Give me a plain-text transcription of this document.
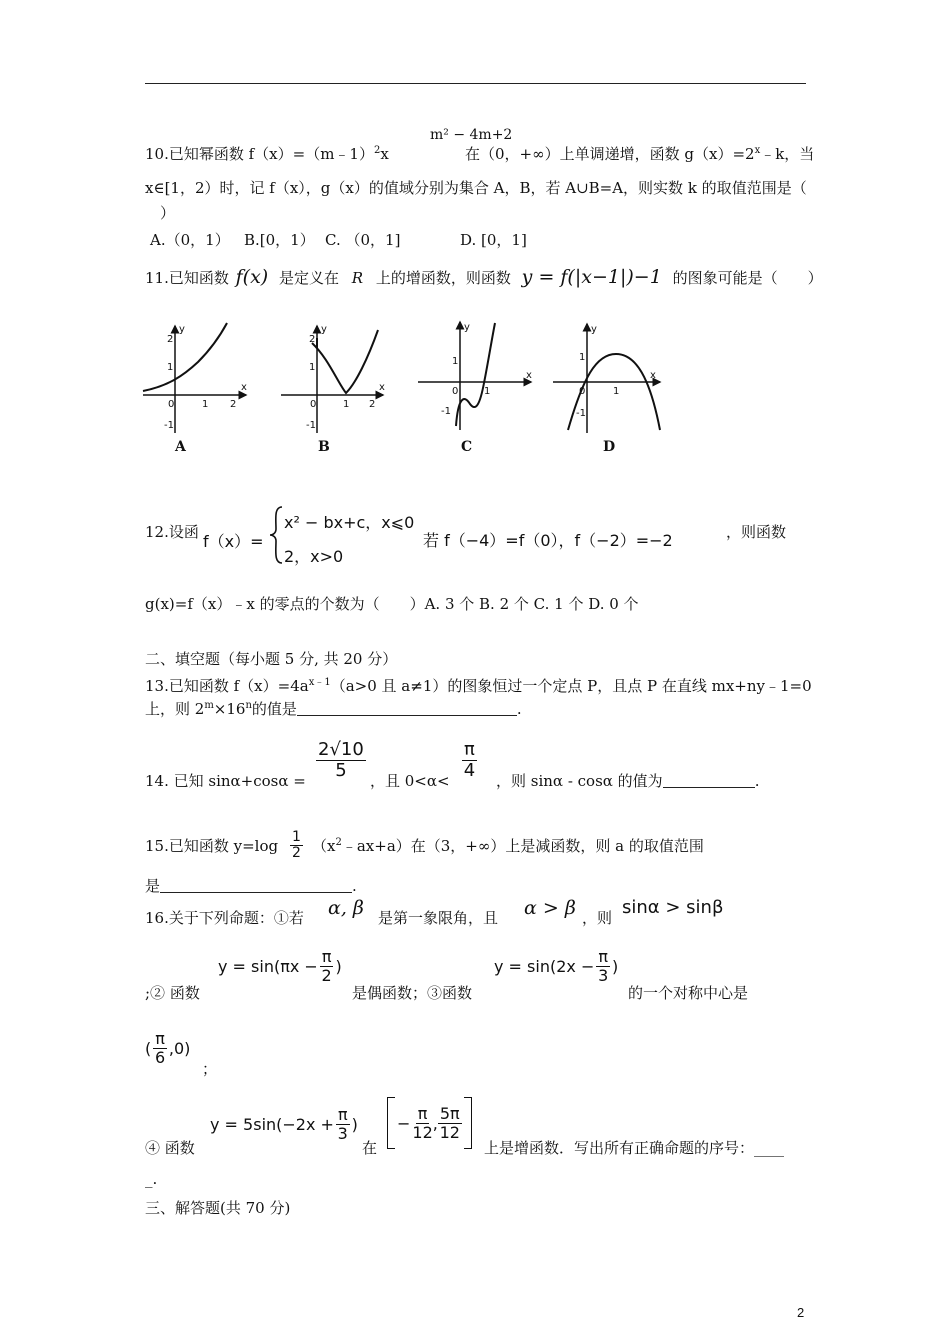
m² − 4m+2
10.已知幂函数 f（x）=（m﹣1）$^2$x	在（0，+∞）上单调递增，函数 $g(x)=2^x﹣k$，当
x∈[1，2）时，记 f（x），g（x）的值域分别为集合 A，B，若 A∪B=A，则实数 k 的取值范围是（
）
A.（0，1） B.[0，1） C. （0，1]	D. [0，1]
11.已知函数 f(x) 是定义在 R 上的增函数，则函数 y = f(|x−1|)−1 的图象可能是（　　）
2
1
0	1 2
-1
x
y
2
1
0	1 2
-1
x
y
1
0	1
-1
x
y
1
0	1
-1
x
y
A	B	C	D
12.设函 f（x）=
x² − bx+c，x⩽0
2，x>0
若 f（−4）=f（0），f（−2）=−2	，则函数
g(x)=f（x）﹣x 的零点的个数为（　　）A. 3 个 B. 2 个 C. 1 个 D. 0 个
二、填空题（每小题 5 分, 共 20 分）
13.已知函数 $f(x)=4a^{x﹣1}(a>0$ 且 a≠1）的图象恒过一个定点 P，且点 P 在直线 mx+ny﹣1=0
上，则 $2^m\times 16^n$的值是	.
14. 已知 sinα+cosα =
$\frac{2√10}{5}$
，且 0<α<
$\frac{\pi}{4}$
，则 sinα - cosα 的值为	.
15.已知函数 $y=\log \frac{1}{2}$ $(x^2﹣ax+a)$在（3，+∞）上是减函数，则 a 的取值范围
是	.
16.关于下列命题：①若 α, β 是第一象限角，且 α > β ，则 sinα > sinβ
;② 函数
$y = \sin(\pi x - \frac{\pi}{2}$ )
是偶函数；③函数
$y = \sin(2x - \frac{\pi}{3}$ )
的一个对称中心是
( $\frac{\pi}{6} ,0$)
；
④ 函数
$y = 5\sin(-2x + \frac{\pi}{3}$ )
在
− $\frac{\pi}{12}$ , $\frac{5\pi}{12}$
上是增函数．写出所有正确命题的序号：____
_.
三、解答题(共 70 分)
2
